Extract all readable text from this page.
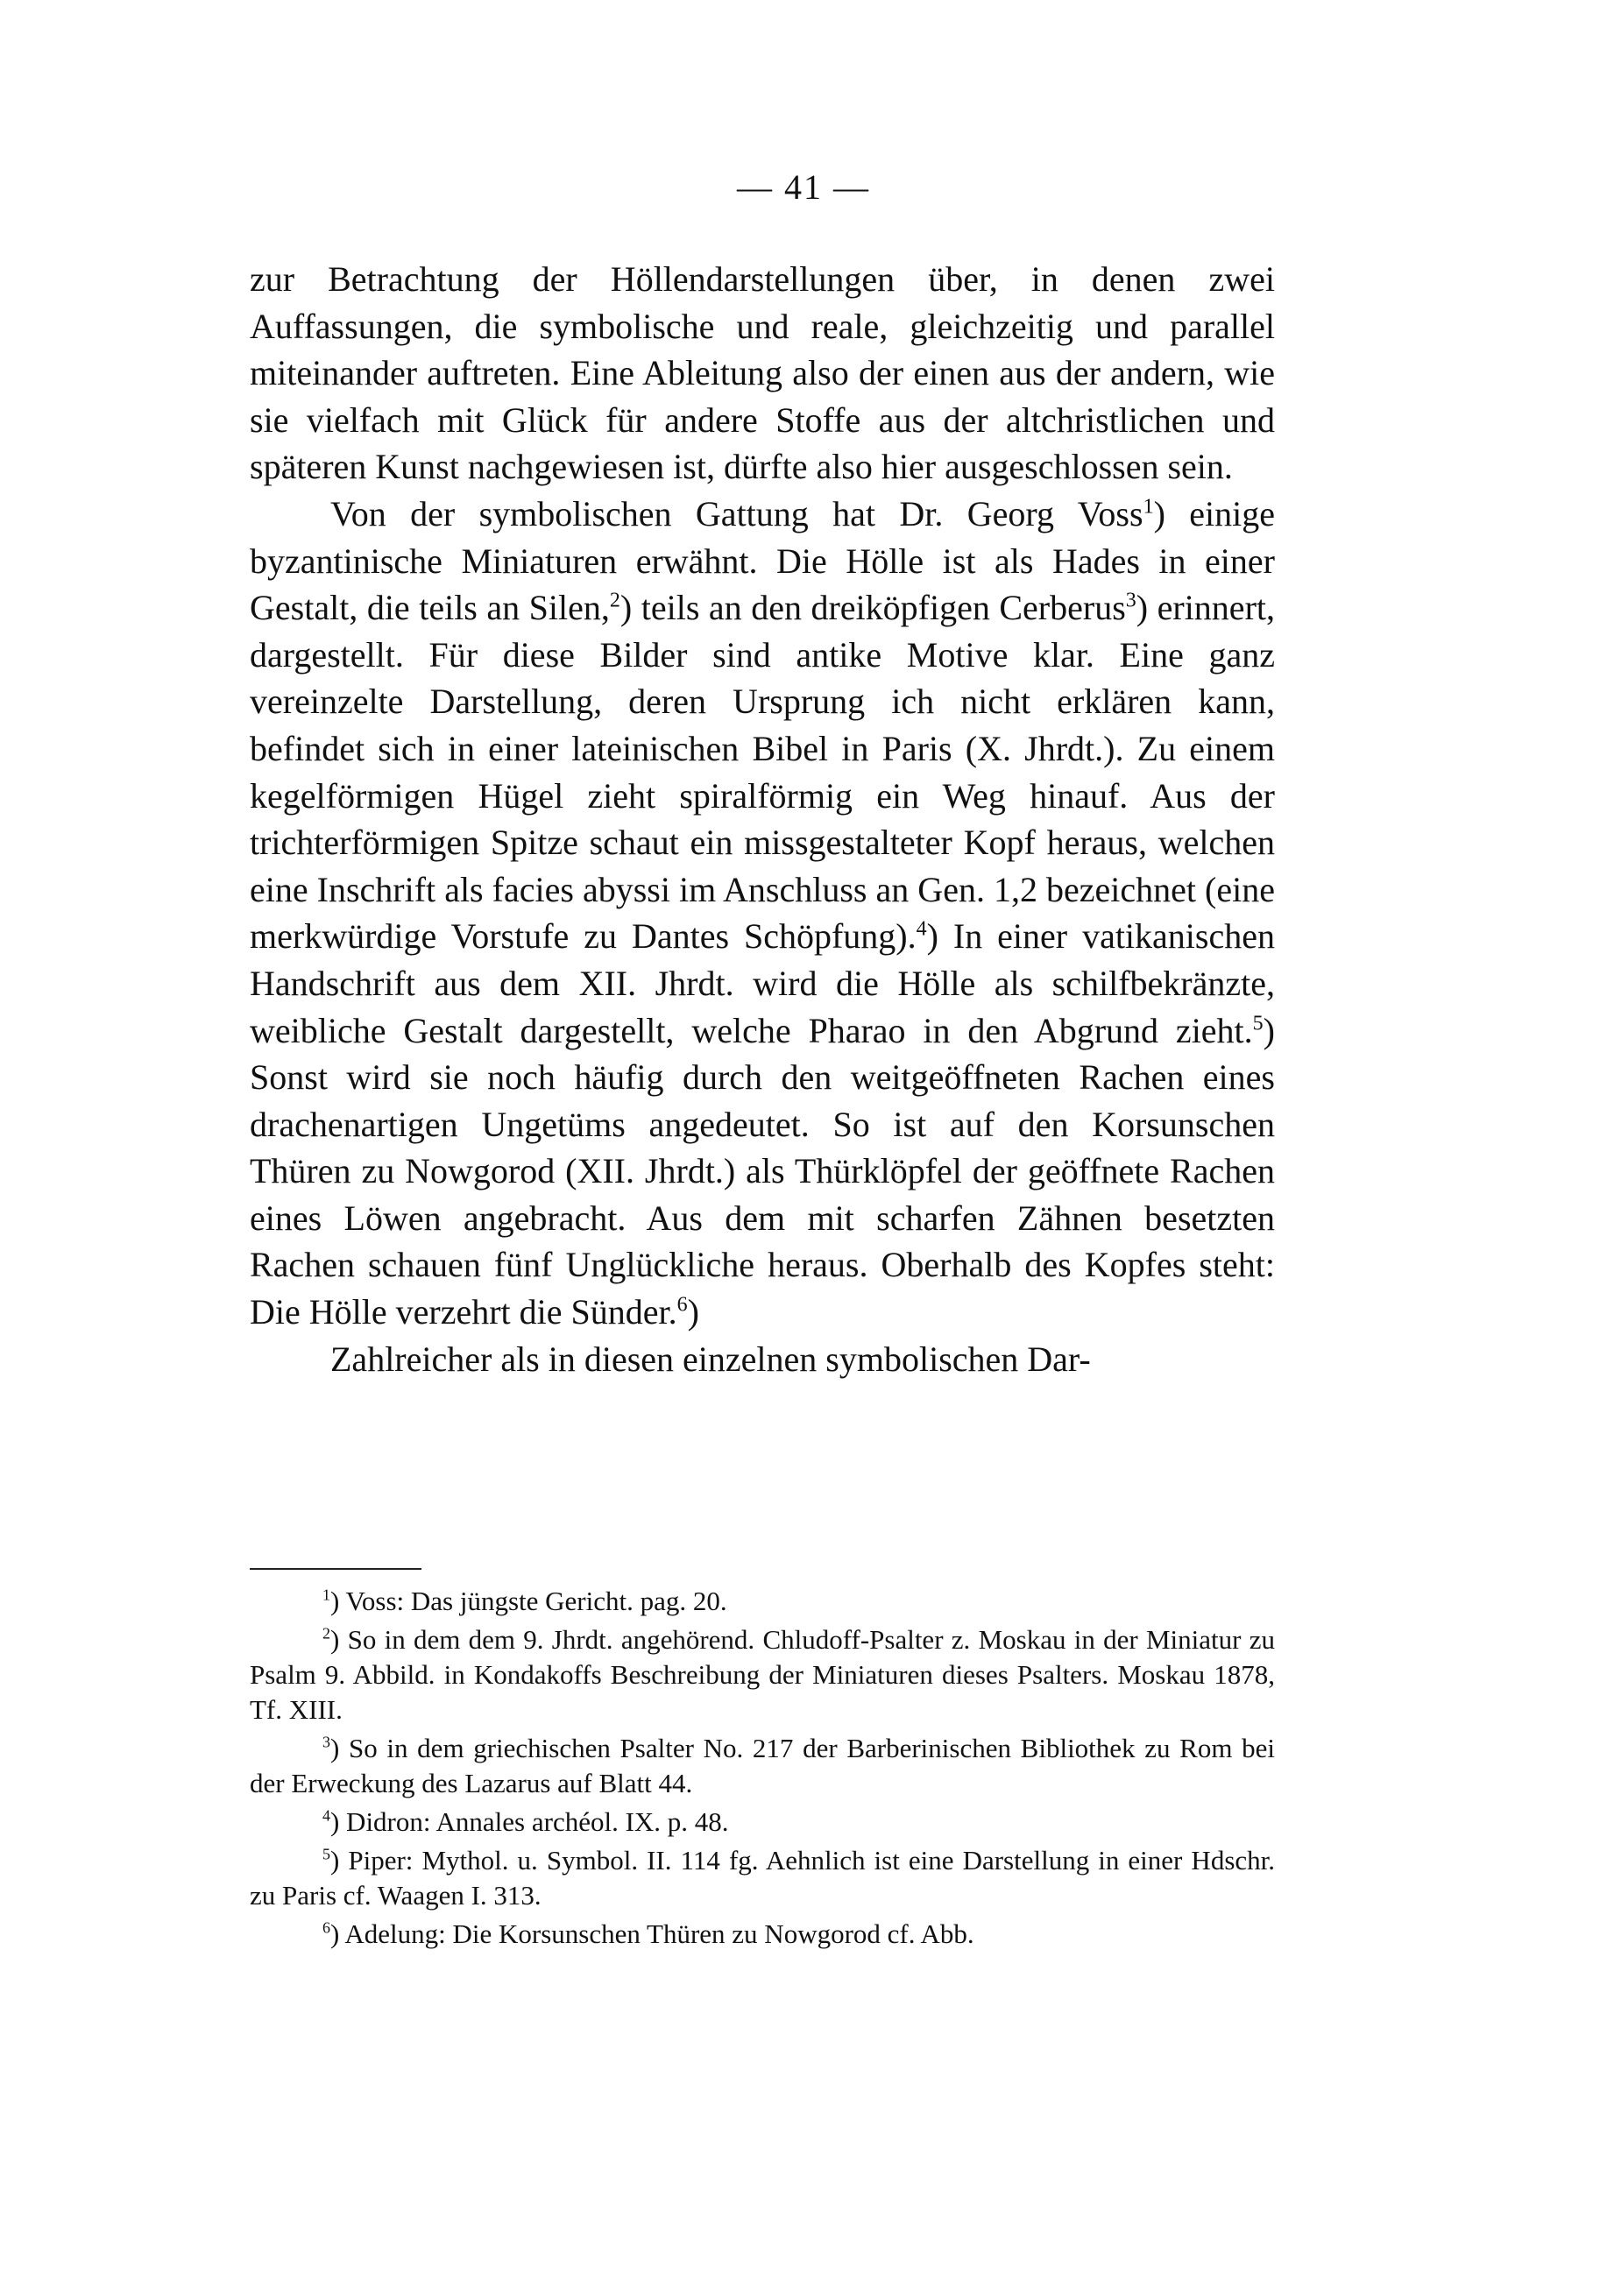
— 41 —

zur Betrachtung der Höllendarstellungen über, in denen zwei Auffassungen, die symbolische und reale, gleichzeitig und parallel miteinander auftreten. Eine Ableitung also der einen aus der andern, wie sie vielfach mit Glück für andere Stoffe aus der altchristlichen und späteren Kunst nachgewiesen ist, dürfte also hier ausgeschlossen sein.

Von der symbolischen Gattung hat Dr. Georg Voss$^1$) einige byzantinische Miniaturen erwähnt. Die Hölle ist als Hades in einer Gestalt, die teils an Silen,$^2$) teils an den dreiköpfigen Cerberus$^3$) erinnert, dargestellt. Für diese Bilder sind antike Motive klar. Eine ganz vereinzelte Darstellung, deren Ursprung ich nicht erklären kann, befindet sich in einer lateinischen Bibel in Paris (X. Jhrdt.). Zu einem kegelförmigen Hügel zieht spiralförmig ein Weg hinauf. Aus der trichterförmigen Spitze schaut ein missgestalteter Kopf heraus, welchen eine Inschrift als facies abyssi im Anschluss an Gen. 1,2 bezeichnet (eine merkwürdige Vorstufe zu Dantes Schöpfung).$^4$) In einer vatikanischen Handschrift aus dem XII. Jhrdt. wird die Hölle als schilfbekränzte, weibliche Gestalt dargestellt, welche Pharao in den Abgrund zieht.$^5$) Sonst wird sie noch häufig durch den weitgeöffneten Rachen eines drachenartigen Ungetüms angedeutet. So ist auf den Korsunschen Thüren zu Nowgorod (XII. Jhrdt.) als Thürklöpfel der geöffnete Rachen eines Löwen angebracht. Aus dem mit scharfen Zähnen besetzten Rachen schauen fünf Unglückliche heraus. Oberhalb des Kopfes steht: Die Hölle verzehrt die Sünder.$^6$)

Zahlreicher als in diesen einzelnen symbolischen Dar-

$^1$) Voss: Das jüngste Gericht. pag. 20.

$^2$) So in dem dem 9. Jhrdt. angehörend. Chludoff-Psalter z. Moskau in der Miniatur zu Psalm 9. Abbild. in Kondakoffs Beschreibung der Miniaturen dieses Psalters. Moskau 1878, Tf. XIII.

$^3$) So in dem griechischen Psalter No. 217 der Barberinischen Bibliothek zu Rom bei der Erweckung des Lazarus auf Blatt 44.

$^4$) Didron: Annales archéol. IX. p. 48.

$^5$) Piper: Mythol. u. Symbol. II. 114 fg. Aehnlich ist eine Darstellung in einer Hdschr. zu Paris cf. Waagen I. 313.

$^6$) Adelung: Die Korsunschen Thüren zu Nowgorod cf. Abb.
